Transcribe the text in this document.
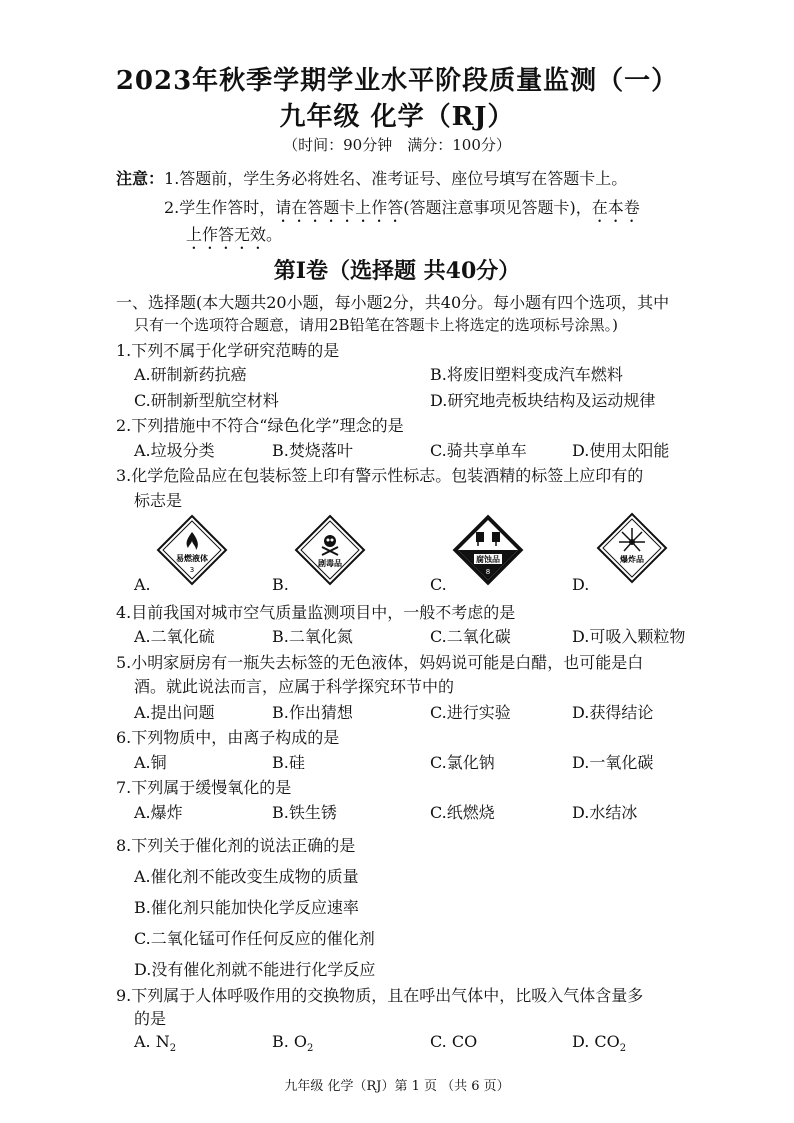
2023年秋季学期学业水平阶段质量监测（一）
九年级 化学（RJ）
（时间：90分钟　满分：100分）
注意：1.答题前，学生务必将姓名、准考证号、座位号填写在答题卡上。
2.学生作答时，请在答题卡上作答(答题注意事项见答题卡)，在本卷
上作答无效。
第Ⅰ卷（选择题 共40分）
一、选择题(本大题共20小题，每小题2分，共40分。每小题有四个选项，其中
只有一个选项符合题意，请用2B铅笔在答题卡上将选定的选项标号涂黑。)
1.下列不属于化学研究范畴的是
A.研制新药抗癌	B.将废旧塑料变成汽车燃料
C.研制新型航空材料	D.研究地壳板块结构及运动规律
2.下列措施中不符合“绿色化学”理念的是
A.垃圾分类	B.焚烧落叶	C.骑共享单车	D.使用太阳能
3.化学危险品应在包装标签上印有警示性标志。包装酒精的标签上应印有的
标志是
A.	B.	C.	D.
易燃液体
3
剧毒品	腐蚀品
8
爆炸品
4.目前我国对城市空气质量监测项目中，一般不考虑的是
A.二氧化硫	B.二氧化氮	C.二氧化碳	D.可吸入颗粒物
5.小明家厨房有一瓶失去标签的无色液体，妈妈说可能是白醋，也可能是白
酒。就此说法而言，应属于科学探究环节中的
A.提出问题	B.作出猜想	C.进行实验	D.获得结论
6.下列物质中，由离子构成的是
A.铜	B.硅	C.氯化钠	D.一氧化碳
7.下列属于缓慢氧化的是
A.爆炸	B.铁生锈	C.纸燃烧	D.水结冰
8.下列关于催化剂的说法正确的是
A.催化剂不能改变生成物的质量
B.催化剂只能加快化学反应速率
C.二氧化锰可作任何反应的催化剂
D.没有催化剂就不能进行化学反应
9.下列属于人体呼吸作用的交换物质，且在呼出气体中，比吸入气体含量多
的是
A. $N_2$	B. $O_2$	C. CO	D. $CO_2$
九年级 化学（RJ）第 1 页 （共 6 页）
